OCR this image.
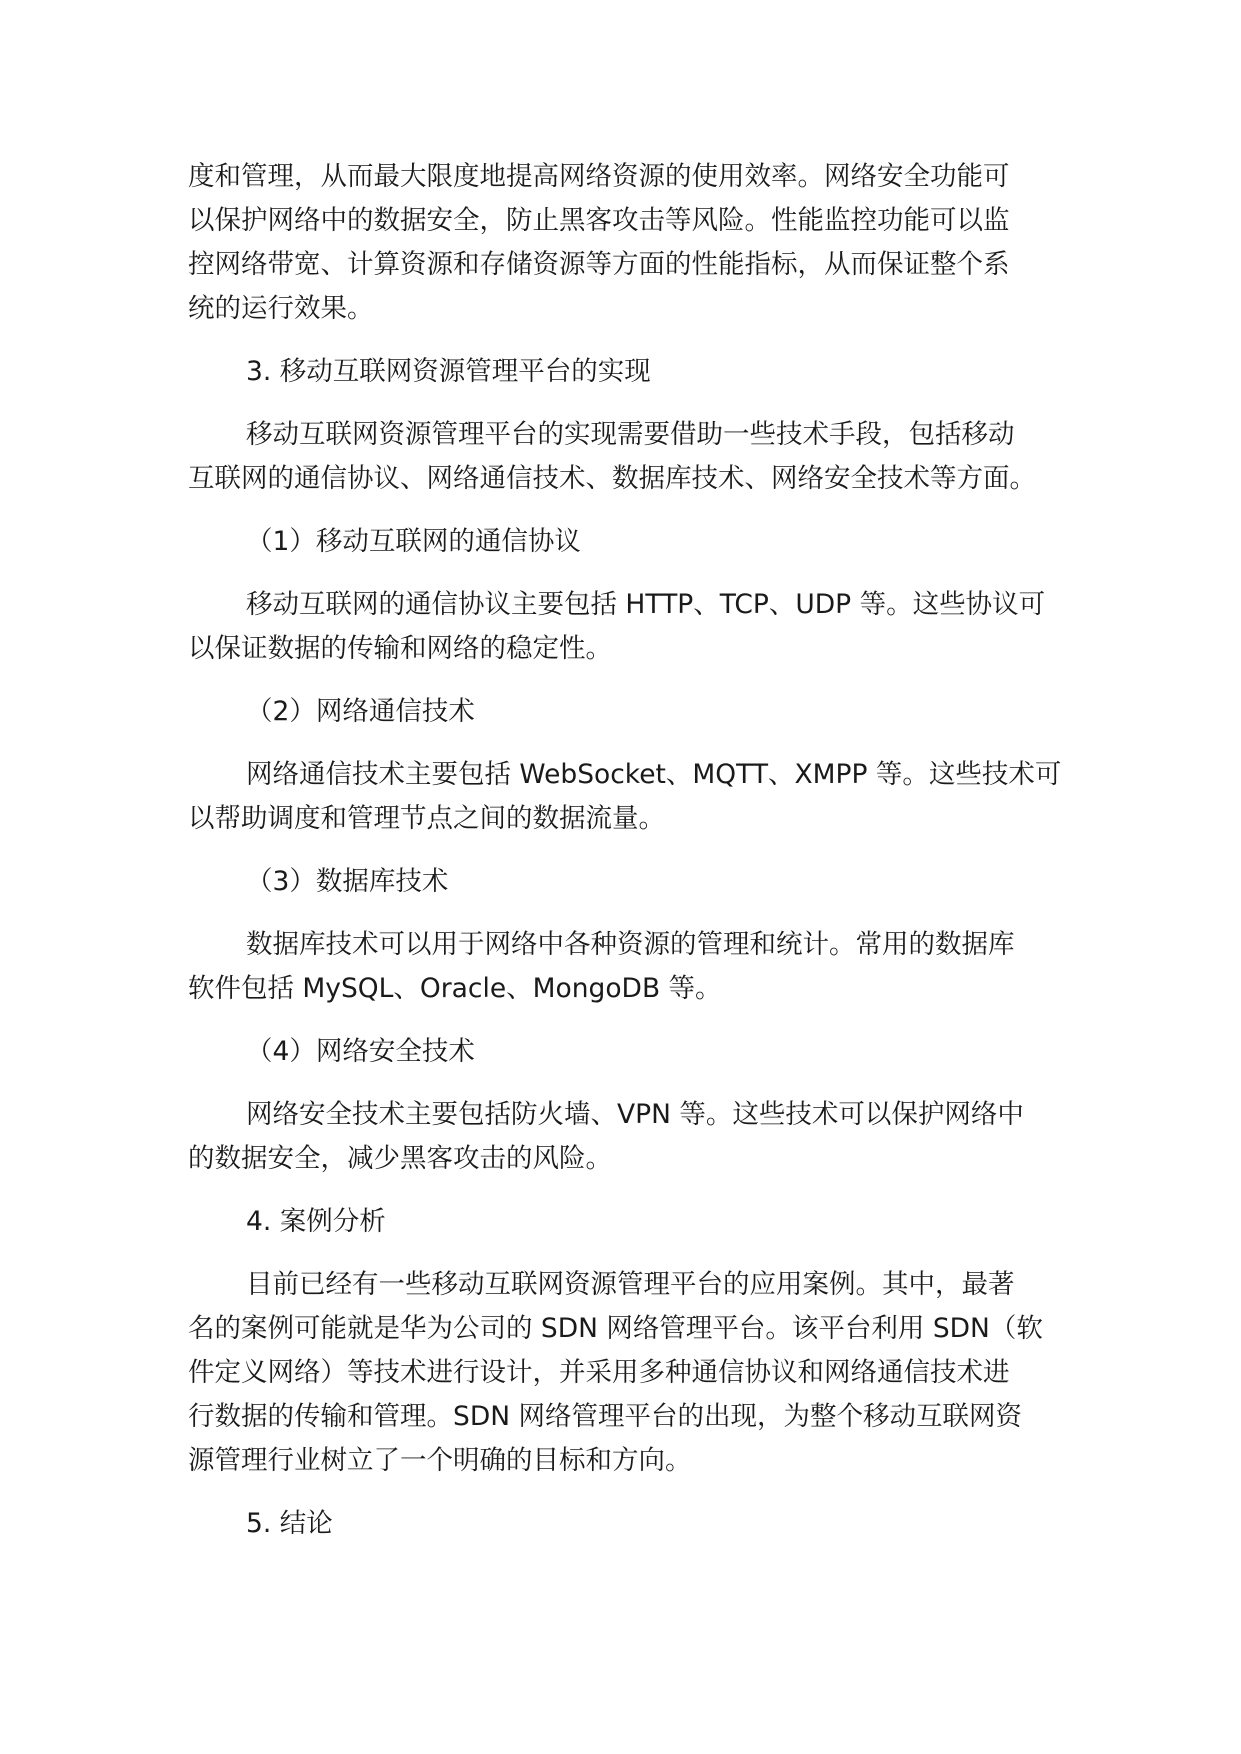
度和管理，从而最大限度地提高网络资源的使用效率。网络安全功能可
以保护网络中的数据安全，防止黑客攻击等风险。性能监控功能可以监
控网络带宽、计算资源和存储资源等方面的性能指标，从而保证整个系
统的运行效果。
3. 移动互联网资源管理平台的实现
移动互联网资源管理平台的实现需要借助一些技术手段，包括移动
互联网的通信协议、网络通信技术、数据库技术、网络安全技术等方面。
（1）移动互联网的通信协议
移动互联网的通信协议主要包括 HTTP、TCP、UDP 等。这些协议可
以保证数据的传输和网络的稳定性。
（2）网络通信技术
网络通信技术主要包括 WebSocket、MQTT、XMPP 等。这些技术可
以帮助调度和管理节点之间的数据流量。
（3）数据库技术
数据库技术可以用于网络中各种资源的管理和统计。常用的数据库
软件包括 MySQL、Oracle、MongoDB 等。
（4）网络安全技术
网络安全技术主要包括防火墙、VPN 等。这些技术可以保护网络中
的数据安全，减少黑客攻击的风险。
4. 案例分析
目前已经有一些移动互联网资源管理平台的应用案例。其中，最著
名的案例可能就是华为公司的 SDN 网络管理平台。该平台利用 SDN（软
件定义网络）等技术进行设计，并采用多种通信协议和网络通信技术进
行数据的传输和管理。SDN 网络管理平台的出现，为整个移动互联网资
源管理行业树立了一个明确的目标和方向。
5. 结论
